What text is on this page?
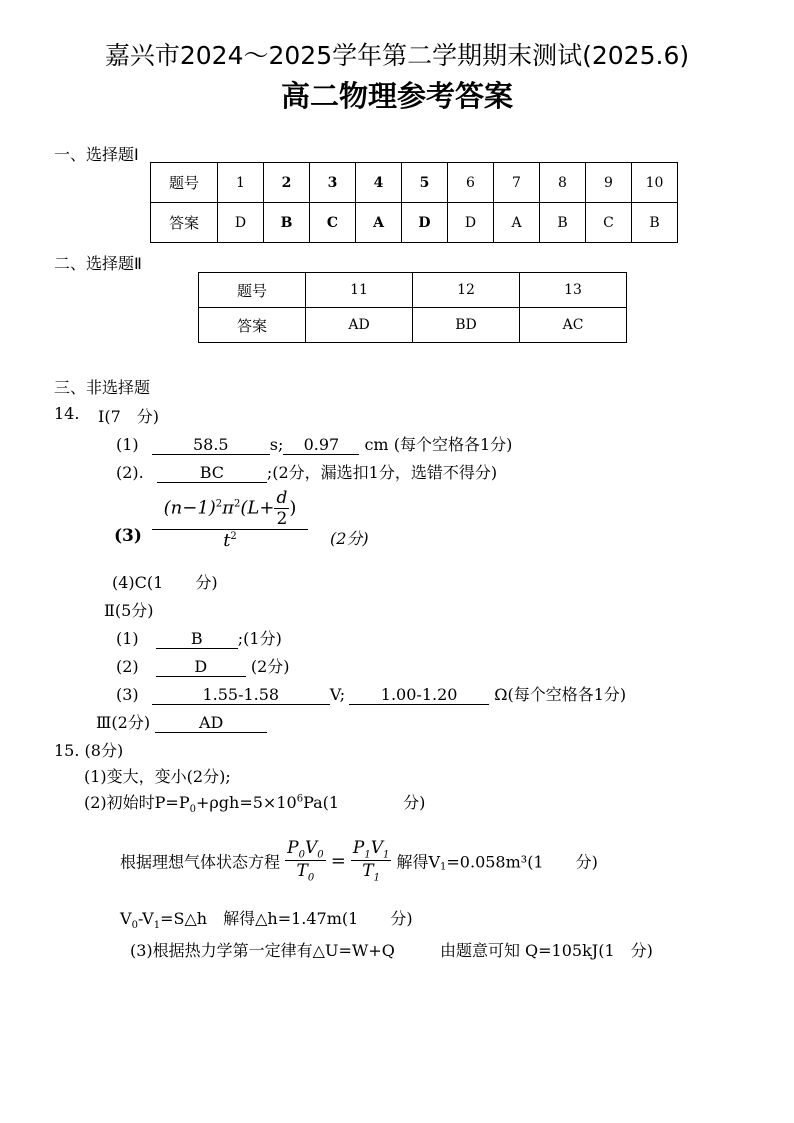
嘉兴市2024～2025学年第二学期期末测试(2025.6)
高二物理参考答案
一、选择题Ⅰ
题号	1	2	3	4	5	6	7	8	9	10
答案	D	B	C	A	D	D	A	B	C	B
二、选择题Ⅱ
题号	11	12	13
答案	AD	BD	AC
三、非选择题
14. Ⅰ(7　分)
(1)	58.5	s; 0.97 cm (每个空格各1分)
(2).	BC	;(2分，漏选扣1分，选错不得分)
$(3) \frac{(n-1)^2\pi^2(L+ \frac{d}{2} )}{t^2} (2$分)
(4)C(1　　分)
Ⅱ(5分)
(1)	B ;(1分)
(2)	D	(2分)
(3)	1.55-1.58	V; 1.00-1.20 Ω(每个空格各1分)
Ⅲ(2分)	AD
15. (8分)
(1)变大，变小(2分);
(2)初始时$P=P_0+\rho gh=5\times 10^6Pa(1$　　　　分)
根据理想气体状态方程 $\frac{P_0V_0}{T_0} = \frac{P_1V_1}{T_1}$ 解得$V_1=0.058m^3(1$　　分)
$V_0-V_1=S\triangle h$　解得△h=1.47m(1　　分)
(3)根据热力学第一定律有△U=W+Q	由题意可知 Q=105kJ(1　分)
